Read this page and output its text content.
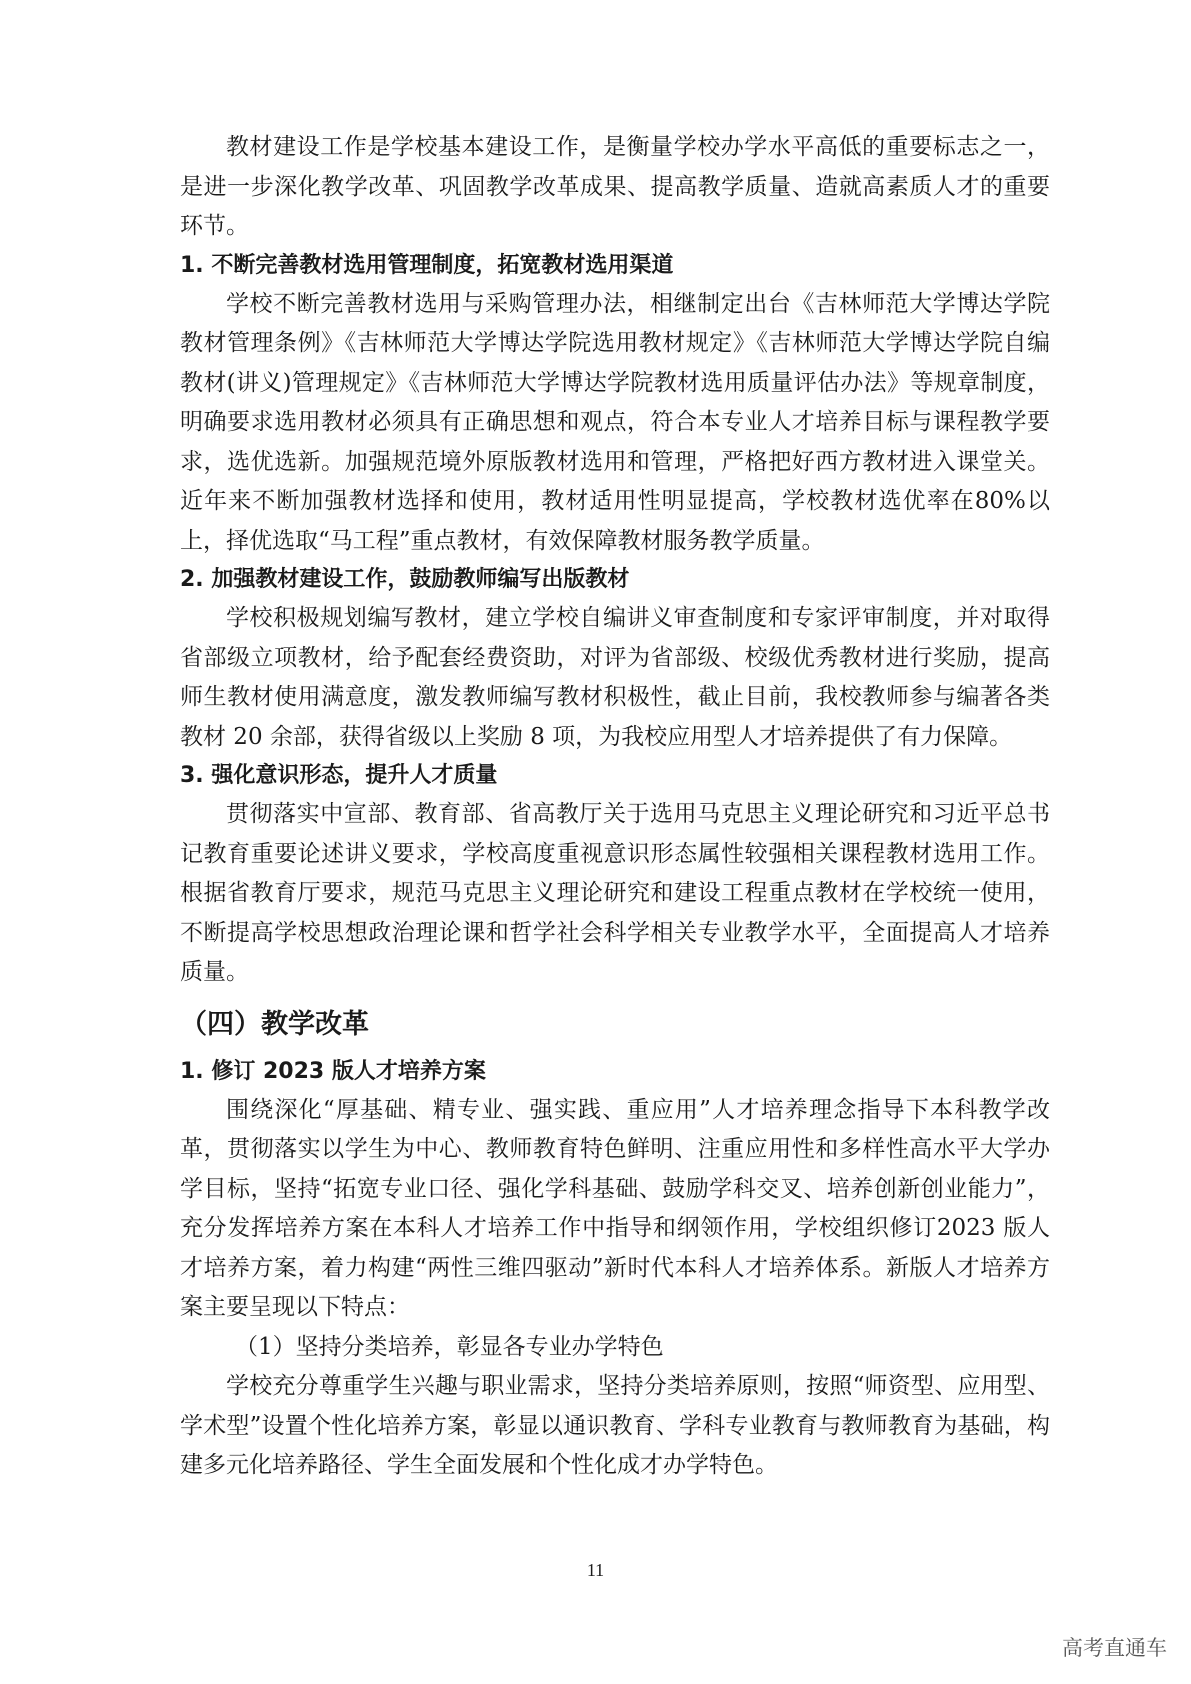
教材建设工作是学校基本建设工作，是衡量学校办学水平高低的重要标志之一，是进一步深化教学改革、巩固教学改革成果、提高教学质量、造就高素质人才的重要环节。

1. 不断完善教材选用管理制度，拓宽教材选用渠道

学校不断完善教材选用与采购管理办法，相继制定出台《吉林师范大学博达学院教材管理条例》《吉林师范大学博达学院选用教材规定》《吉林师范大学博达学院自编教材(讲义)管理规定》《吉林师范大学博达学院教材选用质量评估办法》等规章制度，明确要求选用教材必须具有正确思想和观点，符合本专业人才培养目标与课程教学要求，选优选新。加强规范境外原版教材选用和管理，严格把好西方教材进入课堂关。近年来不断加强教材选择和使用，教材适用性明显提高，学校教材选优率在80%以上，择优选取“马工程”重点教材，有效保障教材服务教学质量。

2. 加强教材建设工作，鼓励教师编写出版教材

学校积极规划编写教材，建立学校自编讲义审查制度和专家评审制度，并对取得省部级立项教材，给予配套经费资助，对评为省部级、校级优秀教材进行奖励，提高师生教材使用满意度，激发教师编写教材积极性，截止目前，我校教师参与编著各类教材 20 余部，获得省级以上奖励 8 项，为我校应用型人才培养提供了有力保障。

3. 强化意识形态，提升人才质量

贯彻落实中宣部、教育部、省高教厅关于选用马克思主义理论研究和习近平总书记教育重要论述讲义要求，学校高度重视意识形态属性较强相关课程教材选用工作。根据省教育厅要求，规范马克思主义理论研究和建设工程重点教材在学校统一使用，不断提高学校思想政治理论课和哲学社会科学相关专业教学水平，全面提高人才培养质量。

（四）教学改革

1. 修订 2023 版人才培养方案

围绕深化“厚基础、精专业、强实践、重应用”人才培养理念指导下本科教学改革，贯彻落实以学生为中心、教师教育特色鲜明、注重应用性和多样性高水平大学办学目标，坚持“拓宽专业口径、强化学科基础、鼓励学科交叉、培养创新创业能力”，充分发挥培养方案在本科人才培养工作中指导和纲领作用，学校组织修订2023 版人才培养方案，着力构建“两性三维四驱动”新时代本科人才培养体系。新版人才培养方案主要呈现以下特点：

（1）坚持分类培养，彰显各专业办学特色

学校充分尊重学生兴趣与职业需求，坚持分类培养原则，按照“师资型、应用型、学术型”设置个性化培养方案，彰显以通识教育、学科专业教育与教师教育为基础，构建多元化培养路径、学生全面发展和个性化成才办学特色。

11
高考直通车
